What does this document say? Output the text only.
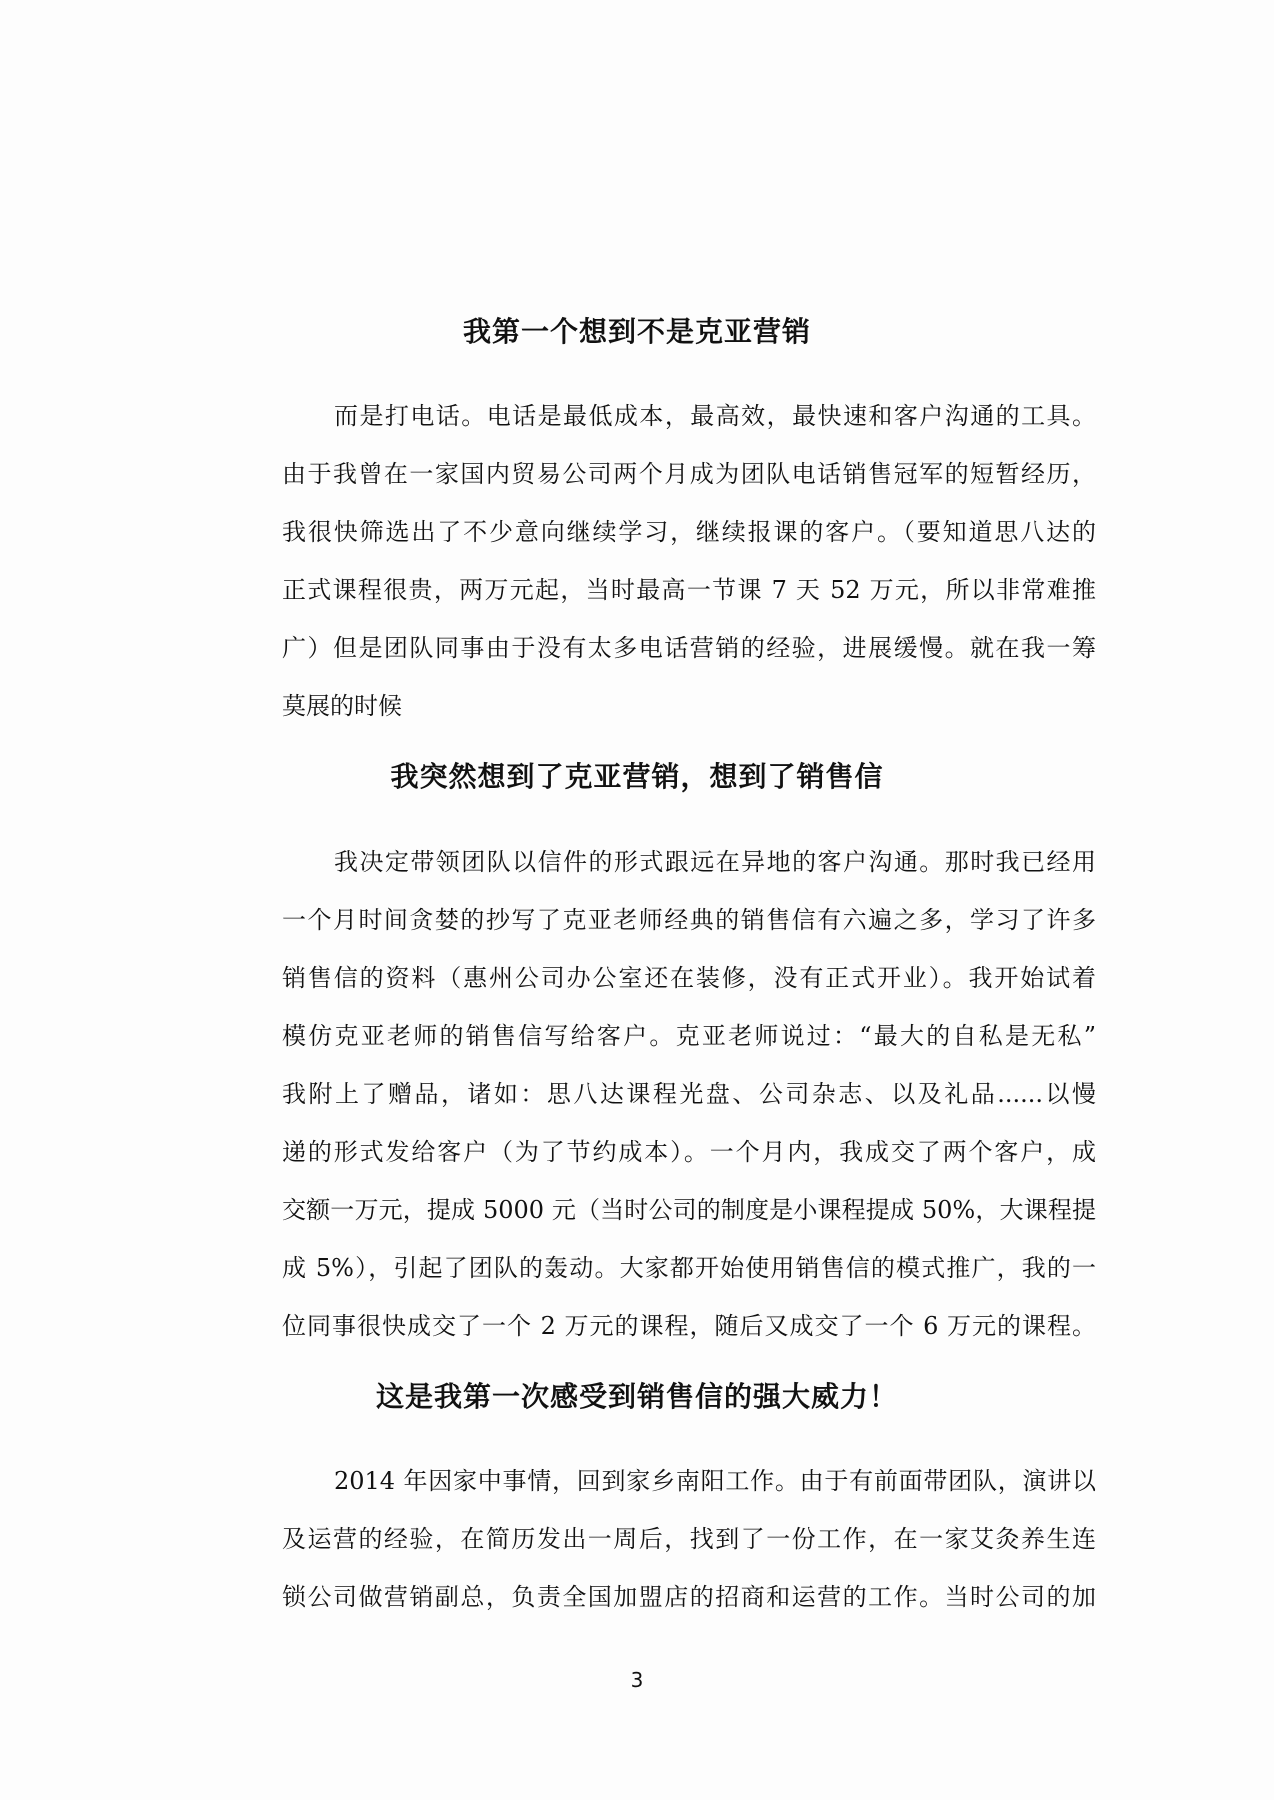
我第一个想到不是克亚营销
而是打电话。电话是最低成本，最高效，最快速和客户沟通的工具。
由于我曾在一家国内贸易公司两个月成为团队电话销售冠军的短暂经历，
我很快筛选出了不少意向继续学习，继续报课的客户。（要知道思八达的
正式课程很贵，两万元起，当时最高一节课 7 天 52 万元，所以非常难推
广）但是团队同事由于没有太多电话营销的经验，进展缓慢。就在我一筹
莫展的时候
我突然想到了克亚营销，想到了销售信
我决定带领团队以信件的形式跟远在异地的客户沟通。那时我已经用
一个月时间贪婪的抄写了克亚老师经典的销售信有六遍之多，学习了许多
销售信的资料（惠州公司办公室还在装修，没有正式开业）。我开始试着
模仿克亚老师的销售信写给客户。克亚老师说过：“最大的自私是无私”
我附上了赠品，诸如：思八达课程光盘、公司杂志、以及礼品......以慢
递的形式发给客户（为了节约成本）。一个月内，我成交了两个客户，成
交额一万元，提成 5000 元（当时公司的制度是小课程提成 50%，大课程提
成 5%），引起了团队的轰动。大家都开始使用销售信的模式推广，我的一
位同事很快成交了一个 2 万元的课程，随后又成交了一个 6 万元的课程。
这是我第一次感受到销售信的强大威力！
2014 年因家中事情，回到家乡南阳工作。由于有前面带团队，演讲以
及运营的经验，在简历发出一周后，找到了一份工作，在一家艾灸养生连
锁公司做营销副总，负责全国加盟店的招商和运营的工作。当时公司的加
3
